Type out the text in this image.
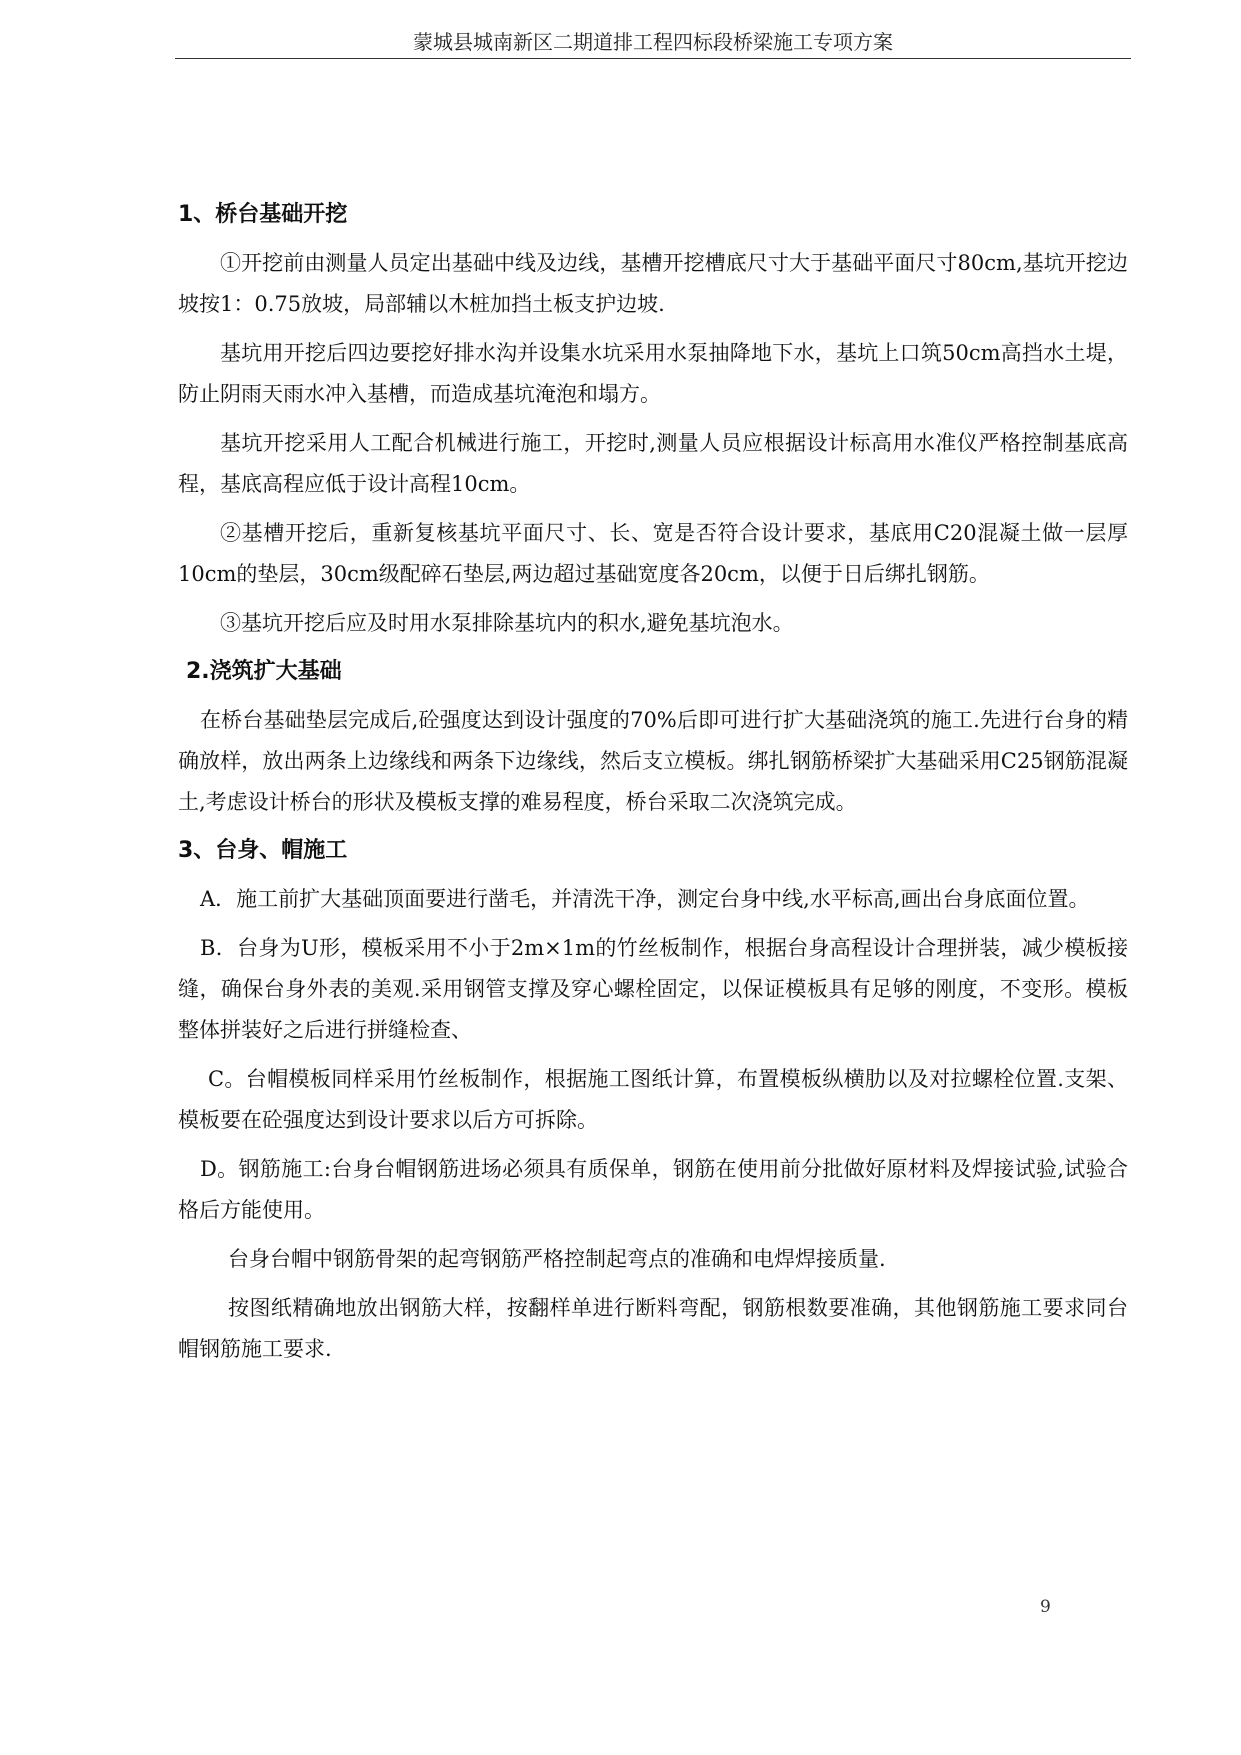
蒙城县城南新区二期道排工程四标段桥梁施工专项方案
1、桥台基础开挖

①开挖前由测量人员定出基础中线及边线，基槽开挖槽底尺寸大于基础平面尺寸80cm,基坑开挖边坡按1：0.75放坡，局部辅以木桩加挡土板支护边坡.

基坑用开挖后四边要挖好排水沟并设集水坑采用水泵抽降地下水，基坑上口筑50cm高挡水土堤，防止阴雨天雨水冲入基槽，而造成基坑淹泡和塌方。

基坑开挖采用人工配合机械进行施工，开挖时,测量人员应根据设计标高用水准仪严格控制基底高程，基底高程应低于设计高程10cm。

②基槽开挖后，重新复核基坑平面尺寸、长、宽是否符合设计要求，基底用C20混凝土做一层厚10cm的垫层，30cm级配碎石垫层,两边超过基础宽度各20cm，以便于日后绑扎钢筋。

③基坑开挖后应及时用水泵排除基坑内的积水,避免基坑泡水。

2.浇筑扩大基础

在桥台基础垫层完成后,砼强度达到设计强度的70%后即可进行扩大基础浇筑的施工.先进行台身的精确放样，放出两条上边缘线和两条下边缘线，然后支立模板。绑扎钢筋桥梁扩大基础采用C25钢筋混凝土,考虑设计桥台的形状及模板支撑的难易程度，桥台采取二次浇筑完成。

3、台身、帽施工

A．施工前扩大基础顶面要进行凿毛，并清洗干净，测定台身中线,水平标高,画出台身底面位置。

B．台身为U形，模板采用不小于2m×1m的竹丝板制作，根据台身高程设计合理拼装，减少模板接缝，确保台身外表的美观.采用钢管支撑及穿心螺栓固定，以保证模板具有足够的刚度，不变形。模板整体拼装好之后进行拼缝检查、

C。台帽模板同样采用竹丝板制作，根据施工图纸计算，布置模板纵横肋以及对拉螺栓位置.支架、模板要在砼强度达到设计要求以后方可拆除。

D。钢筋施工:台身台帽钢筋进场必须具有质保单，钢筋在使用前分批做好原材料及焊接试验,试验合格后方能使用。

台身台帽中钢筋骨架的起弯钢筋严格控制起弯点的准确和电焊焊接质量.

按图纸精确地放出钢筋大样，按翻样单进行断料弯配，钢筋根数要准确，其他钢筋施工要求同台帽钢筋施工要求.

9
